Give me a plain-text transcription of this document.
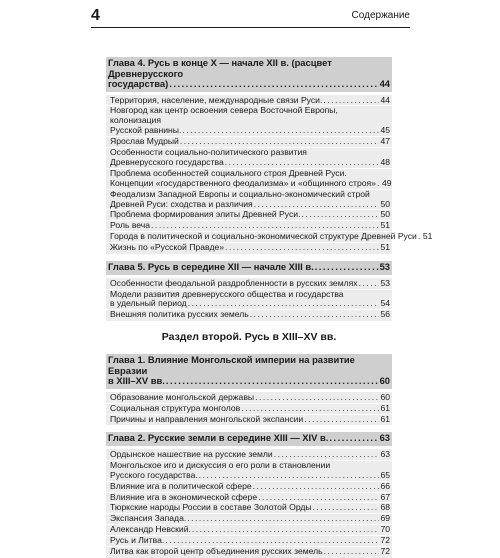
4	Содержание
Глава 4. Русь в конце X — начале XII в. (расцвет Древнерусского
государства) .....	44
Территория, население, международные связи Руси. .....	44
Новгород как центр освоения севера Восточной Европы, колонизация
Русской равнины. .....	45
Ярослав Мудрый .....	47
Особенности социально-политического развития
Древнерусского государства .....	48
Проблема особенностей социального строя Древней Руси.
Концепции «государственного феодализма» и «общинного строя» ..... 49
Феодализм Западной Европы и социально-экономический строй
Древней Руси: сходства и различия .....	50
Проблема формирования элиты Древней Руси. .....	50
Роль веча .....	51
Города в политической и социально-экономической структуре Древней Руси ..... 51
Жизнь по «Русской Правде» .....	51
Глава 5. Русь в середине XII — начале XIII в. .....	53
Особенности феодальной раздробленности в русских землях .....	53
Модели развития древнерусского общества и государства
в удельный период .....	54
Внешняя политика русских земель .....	56
Раздел второй. Русь в XIII–XV вв.
Глава 1. Влияние Монгольской империи на развитие Евразии
в XIII–XV вв. .....	60
Образование монгольской державы .....	60
Социальная структура монголов .....	61
Причины и направления монгольской экспансии .....	61
Глава 2. Русские земли в середине XIII — XIV в. .....	63
Ордынское нашествие на русские земли .....	63
Монгольское иго и дискуссия о его роли в становлении
Русского государства. .....	65
Влияние ига в политической сфере .....	66
Влияние ига в экономической сфере .....	67
Тюркские народы России в составе Золотой Орды .....	68
Экспансия Запада. .....	69
Александр Невский. .....	70
Русь и Литва. .....	72
Литва как второй центр объединения русских земель .....	72
